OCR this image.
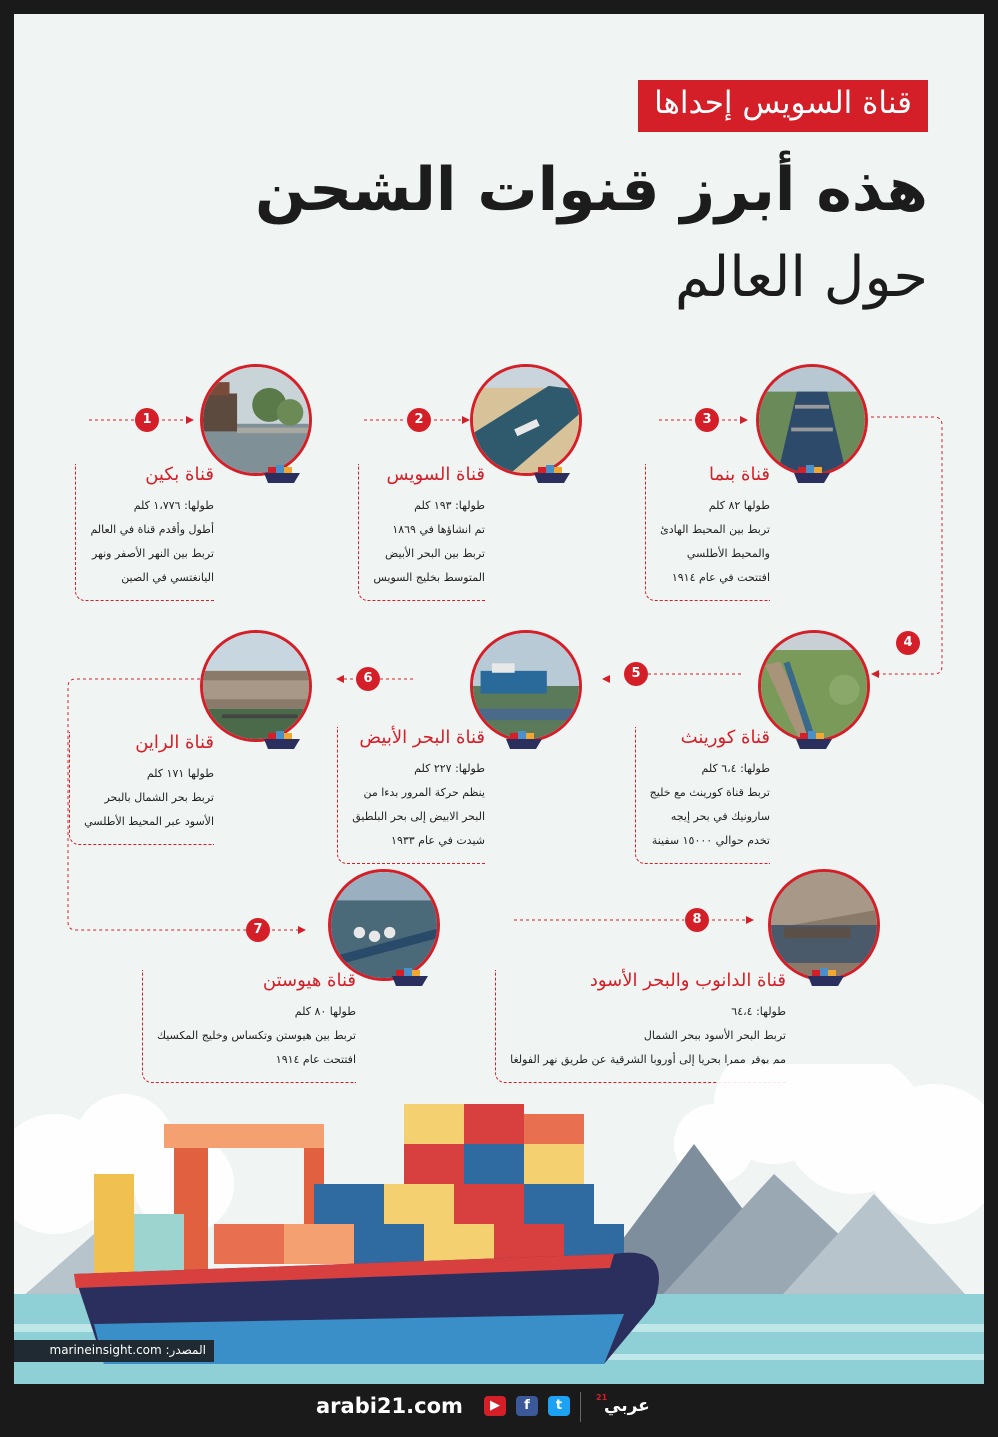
قناة السويس إحداها
هذه أبرز قنوات الشحن
حول العالم
1
قناة بكين

طولها: ١،٧٧٦ كلم

أطول وأقدم قناة في العالم

تربط بين النهر الأصفر ونهر

اليانغتسي في الصين

2
قناة السويس

طولها: ١٩٣ كلم

تم انشاؤها في ١٨٦٩

تربط بين البحر الأبيض

المتوسط بخليج السويس

3
قناة بنما

طولها ٨٢ كلم

تربط بين المحيط الهادئ

والمحيط الأطلسي

افتتحت في عام ١٩١٤

4
قناة كورينث

طولها: ٦،٤ كلم

تربط قناة كورينث مع خليج

سارونيك في بحر إيجه

تخدم حوالي ١٥٠٠٠ سفينة

5
قناة البحر الأبيض

طولها: ٢٢٧ كلم

ينظم حركة المرور بدءا من

البحر الابيض إلى بحر البلطيق

شيدت في عام ١٩٣٣

6
قناة الراين

طولها ١٧١ كلم

تربط بحر الشمال بالبحر

الأسود عبر المحيط الأطلسي

7
قناة هيوستن

طولها ٨٠ كلم

تربط بين هيوستن وتكساس وخليج المكسيك

افتتحت عام ١٩١٤

8
قناة الدانوب والبحر الأسود

طولها: ٦٤،٤

تربط البحر الأسود ببحر الشمال

مم يوفر ممرا بحريا إلى أوروبا الشرقية عن طريق نهر الفولغا

المصدر: marineinsight.com
arabi21.com	▶	f	t
21
عربي
